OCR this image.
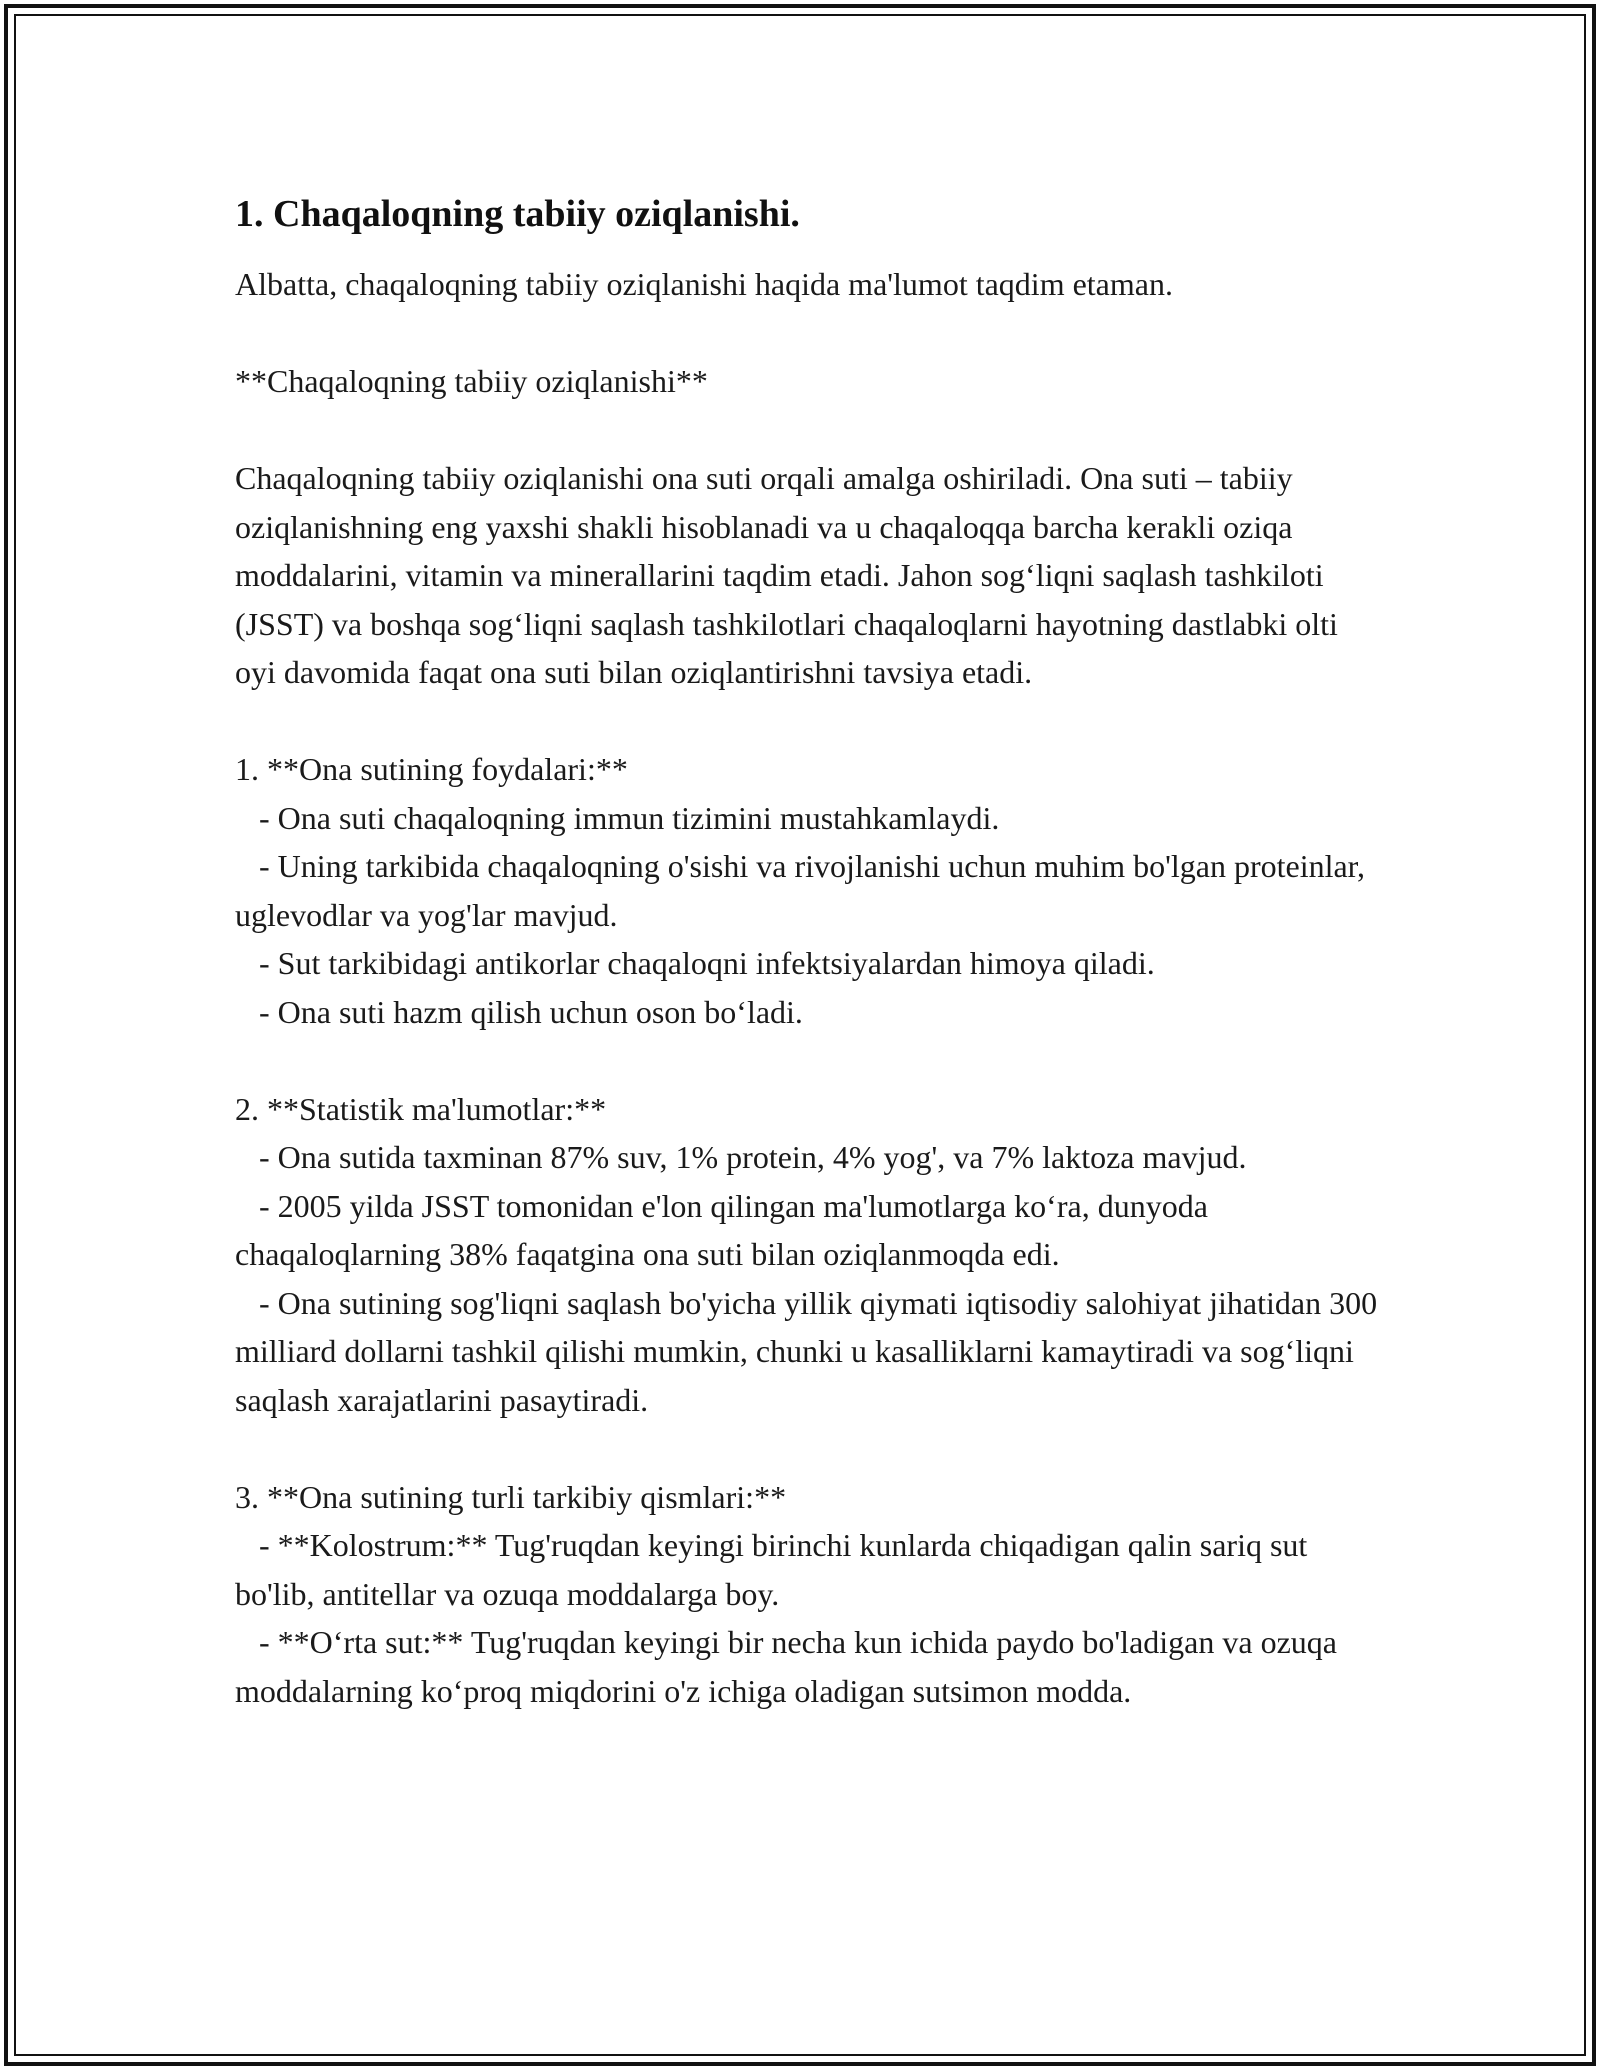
1. Chaqaloqning tabiiy oziqlanishi.

Albatta, chaqaloqning tabiiy oziqlanishi haqida ma'lumot taqdim etaman.

**Chaqaloqning tabiiy oziqlanishi**

Chaqaloqning tabiiy oziqlanishi ona suti orqali amalga oshiriladi. Ona suti – tabiiy oziqlanishning eng yaxshi shakli hisoblanadi va u chaqaloqqa barcha kerakli oziqa moddalarini, vitamin va minerallarini taqdim etadi. Jahon sog‘liqni saqlash tashkiloti (JSST) va boshqa sog‘liqni saqlash tashkilotlari chaqaloqlarni hayotning dastlabki olti oyi davomida faqat ona suti bilan oziqlantirishni tavsiya etadi.

1. **Ona sutining foydalari:**

- Ona suti chaqaloqning immun tizimini mustahkamlaydi.

- Uning tarkibida chaqaloqning o'sishi va rivojlanishi uchun muhim bo'lgan proteinlar, uglevodlar va yog'lar mavjud.

- Sut tarkibidagi antikorlar chaqaloqni infektsiyalardan himoya qiladi.

- Ona suti hazm qilish uchun oson bo‘ladi.

2. **Statistik ma'lumotlar:**

- Ona sutida taxminan 87% suv, 1% protein, 4% yog', va 7% laktoza mavjud.

- 2005 yilda JSST tomonidan e'lon qilingan ma'lumotlarga ko‘ra, dunyoda chaqaloqlarning 38% faqatgina ona suti bilan oziqlanmoqda edi.

- Ona sutining sog'liqni saqlash bo'yicha yillik qiymati iqtisodiy salohiyat jihatidan 300 milliard dollarni tashkil qilishi mumkin, chunki u kasalliklarni kamaytiradi va sog‘liqni saqlash xarajatlarini pasaytiradi.

3. **Ona sutining turli tarkibiy qismlari:**

- **Kolostrum:** Tug'ruqdan keyingi birinchi kunlarda chiqadigan qalin sariq sut bo'lib, antitellar va ozuqa moddalarga boy.

- **O‘rta sut:** Tug'ruqdan keyingi bir necha kun ichida paydo bo'ladigan va ozuqa moddalarning ko‘proq miqdorini o'z ichiga oladigan sutsimon modda.
